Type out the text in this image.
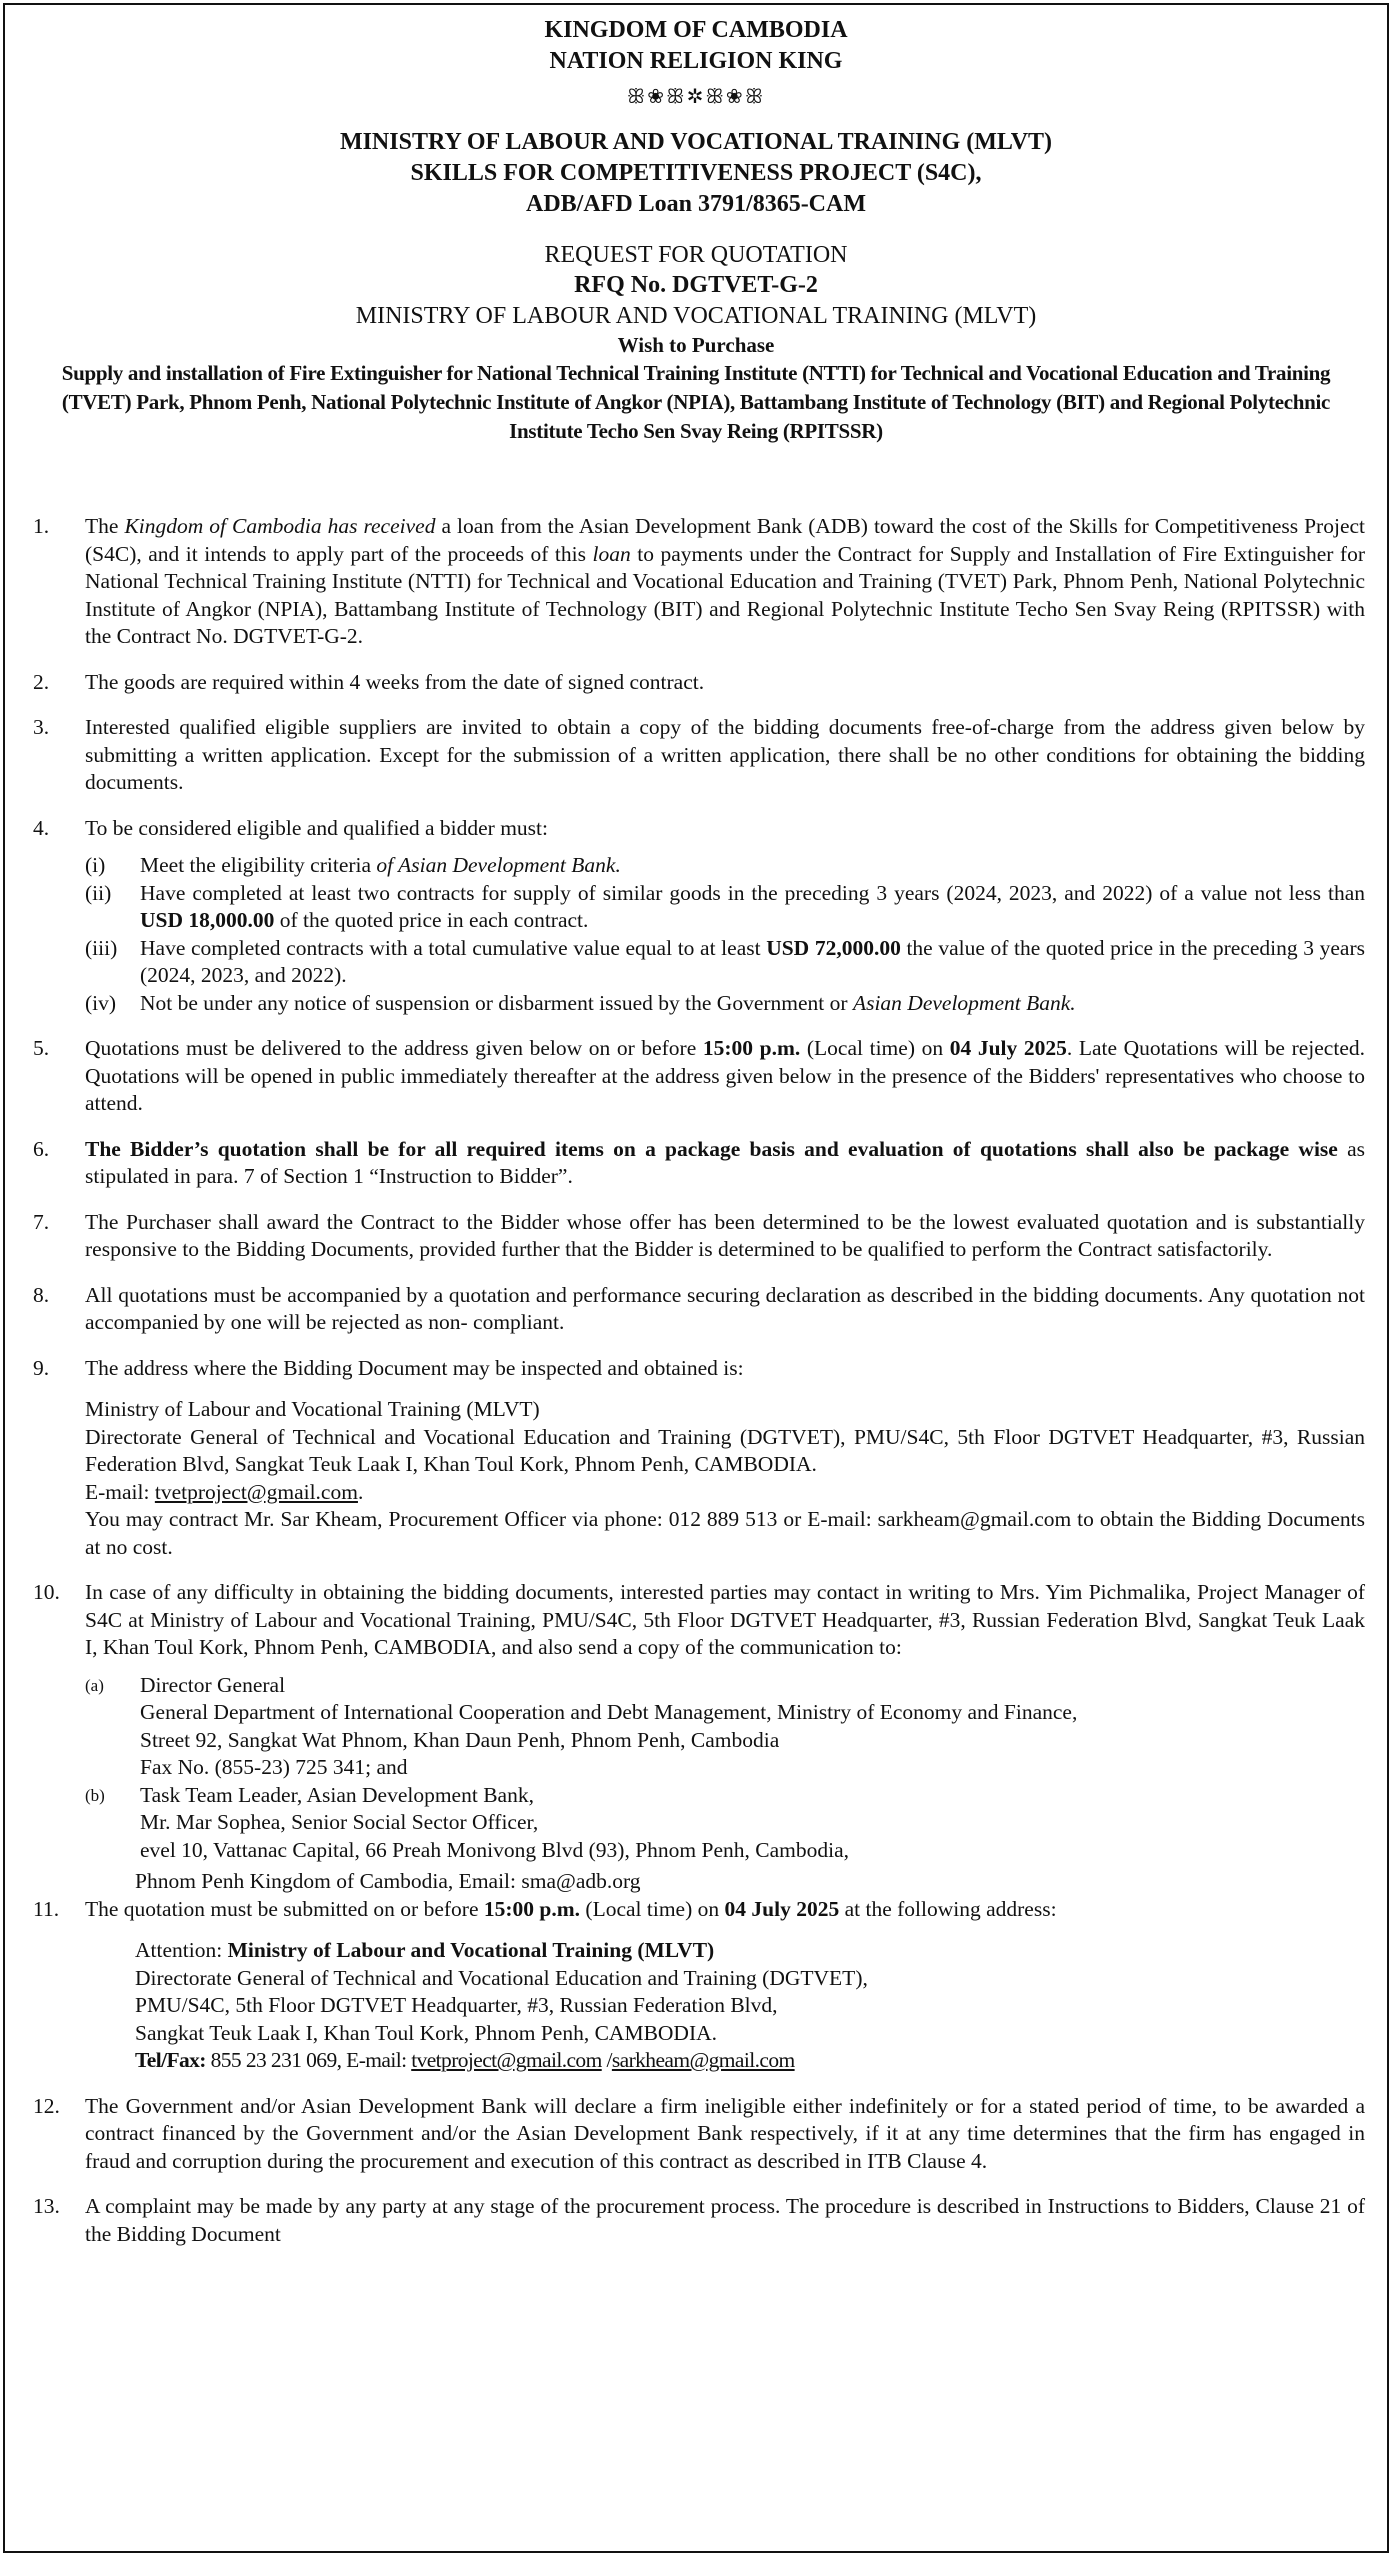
KINGDOM OF CAMBODIA
NATION RELIGION KING
ꕥ❀ꕥ✲ꕥ❀ꕥ
MINISTRY OF LABOUR AND VOCATIONAL TRAINING (MLVT)
SKILLS FOR COMPETITIVENESS PROJECT (S4C),
ADB/AFD Loan 3791/8365-CAM
REQUEST FOR QUOTATION
RFQ No. DGTVET-G-2
MINISTRY OF LABOUR AND VOCATIONAL TRAINING (MLVT)
Wish to Purchase
Supply and installation of Fire Extinguisher for National Technical Training Institute (NTTI) for Technical and Vocational Education and Training (TVET) Park, Phnom Penh, National Polytechnic Institute of Angkor (NPIA), Battambang Institute of Technology (BIT) and Regional Polytechnic Institute Techo Sen Svay Reing (RPITSSR)
1.	The Kingdom of Cambodia has received a loan from the Asian Development Bank (ADB) toward the cost of the Skills for Competitiveness Project (S4C), and it intends to apply part of the proceeds of this loan to payments under the Contract for Supply and Installation of Fire Extinguisher for National Technical Training Institute (NTTI) for Technical and Vocational Education and Training (TVET) Park, Phnom Penh, National Polytechnic Institute of Angkor (NPIA), Battambang Institute of Technology (BIT) and Regional Polytechnic Institute Techo Sen Svay Reing (RPITSSR) with the Contract No. DGTVET-G-2.
2.	The goods are required within 4 weeks from the date of signed contract.
3.	Interested qualified eligible suppliers are invited to obtain a copy of the bidding documents free-of-charge from the address given below by submitting a written application. Except for the submission of a written application, there shall be no other conditions for obtaining the bidding documents.
4.	To be considered eligible and qualified a bidder must:
(i)	Meet the eligibility criteria of Asian Development Bank.
(ii)	Have completed at least two contracts for supply of similar goods in the preceding 3 years (2024, 2023, and 2022) of a value not less than USD 18,000.00 of the quoted price in each contract.
(iii)	Have completed contracts with a total cumulative value equal to at least USD 72,000.00 the value of the quoted price in the preceding 3 years (2024, 2023, and 2022).
(iv)	Not be under any notice of suspension or disbarment issued by the Government or Asian Development Bank.
5.	Quotations must be delivered to the address given below on or before 15:00 p.m. (Local time) on 04 July 2025. Late Quotations will be rejected. Quotations will be opened in public immediately thereafter at the address given below in the presence of the Bidders' representatives who choose to attend.
6.	The Bidder’s quotation shall be for all required items on a package basis and evaluation of quotations shall also be package wise as stipulated in para. 7 of Section 1 “Instruction to Bidder”.
7.	The Purchaser shall award the Contract to the Bidder whose offer has been determined to be the lowest evaluated quotation and is substantially responsive to the Bidding Documents, provided further that the Bidder is determined to be qualified to perform the Contract satisfactorily.
8.	All quotations must be accompanied by a quotation and performance securing declaration as described in the bidding documents. Any quotation not accompanied by one will be rejected as non- compliant.
9.	The address where the Bidding Document may be inspected and obtained is:
Ministry of Labour and Vocational Training (MLVT)
Directorate General of Technical and Vocational Education and Training (DGTVET), PMU/S4C, 5th Floor DGTVET Headquarter, #3, Russian Federation Blvd, Sangkat Teuk Laak I, Khan Toul Kork, Phnom Penh, CAMBODIA.
E-mail: tvetproject@gmail.com.
You may contract Mr. Sar Kheam, Procurement Officer via phone: 012 889 513 or E-mail: sarkheam@gmail.com to obtain the Bidding Documents at no cost.
10.	In case of any difficulty in obtaining the bidding documents, interested parties may contact in writing to Mrs. Yim Pichmalika, Project Manager of S4C at Ministry of Labour and Vocational Training, PMU/S4C, 5th Floor DGTVET Headquarter, #3, Russian Federation Blvd, Sangkat Teuk Laak I, Khan Toul Kork, Phnom Penh, CAMBODIA, and also send a copy of the communication to:
(a)	Director General
General Department of International Cooperation and Debt Management, Ministry of Economy and Finance,
Street 92, Sangkat Wat Phnom, Khan Daun Penh, Phnom Penh, Cambodia
Fax No. (855-23) 725 341; and
(b)	Task Team Leader, Asian Development Bank,
Mr. Mar Sophea, Senior Social Sector Officer,
evel 10, Vattanac Capital, 66 Preah Monivong Blvd (93), Phnom Penh, Cambodia,
Phnom Penh Kingdom of Cambodia, Email: sma@adb.org
11.	The quotation must be submitted on or before 15:00 p.m. (Local time) on 04 July 2025 at the following address:
Attention: Ministry of Labour and Vocational Training (MLVT)
Directorate General of Technical and Vocational Education and Training (DGTVET),
PMU/S4C, 5th Floor DGTVET Headquarter, #3, Russian Federation Blvd,
Sangkat Teuk Laak I, Khan Toul Kork, Phnom Penh, CAMBODIA.
Tel/Fax: 855 23 231 069, E-mail: tvetproject@gmail.com /sarkheam@gmail.com
12.	The Government and/or Asian Development Bank will declare a firm ineligible either indefinitely or for a stated period of time, to be awarded a contract financed by the Government and/or the Asian Development Bank respectively, if it at any time determines that the firm has engaged in fraud and corruption during the procurement and execution of this contract as described in ITB Clause 4.
13.	A complaint may be made by any party at any stage of the procurement process. The procedure is described in Instructions to Bidders, Clause 21 of the Bidding Document
